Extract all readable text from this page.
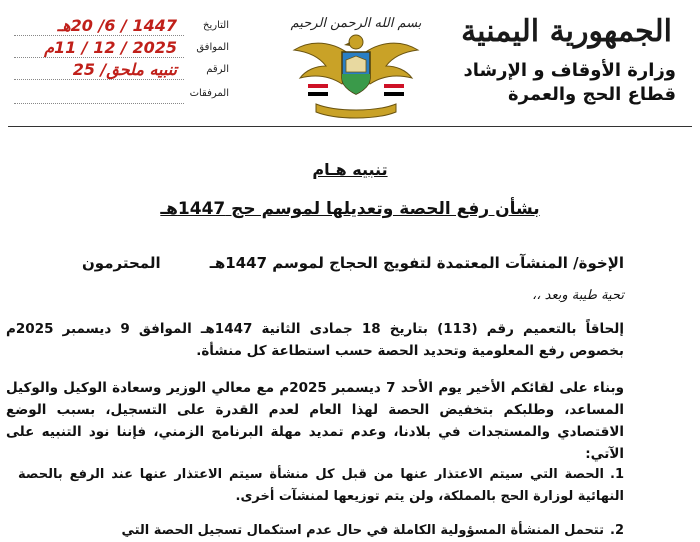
الجمهورية اليمنية
وزارة الأوقاف و الإرشاد
قطاع الحج والعمرة
بسم الله الرحمن الرحيم
التاريخ
1447 / 6/ 20هـ
الموافق
2025 / 12 / 11م
الرقم
تنبيه ملحق/ 25
المرفقات
تنبيه هـام
بشأن رفع الحصة وتعديلها لموسم حج 1447هـ
الإخوة/ المنشآت المعتمدة لتفويج الحجاج لموسم 1447هـ
المحترمون
تحية طيبة وبعد ،،
إلحاقاً بالتعميم رقم (113) بتاريخ 18 جمادى الثانية 1447هـ الموافق 9 ديسمبر 2025م بخصوص رفع المعلومية وتحديد الحصة حسب استطاعة كل منشأة.
وبناء على لقائكم الأخير يوم الأحد 7 ديسمبر 2025م مع معالي الوزير وسعادة الوكيل والوكيل المساعد، وطلبكم بتخفيض الحصة لهذا العام لعدم القدرة على التسجيل، بسبب الوضع الاقتصادي والمستجدات في بلادنا، وعدم تمديد مهلة البرنامج الزمني، فإننا نود التنبيه على الآتي:
1.الحصة التي سيتم الاعتذار عنها من قبل كل منشأة سيتم الاعتذار عنها عند الرفع بالحصة النهائية لوزارة الحج بالمملكة، ولن يتم توزيعها لمنشآت أخرى.
2.تتحمل المنشأة المسؤولية الكاملة في حال عدم استكمال تسجيل الحصة التي
